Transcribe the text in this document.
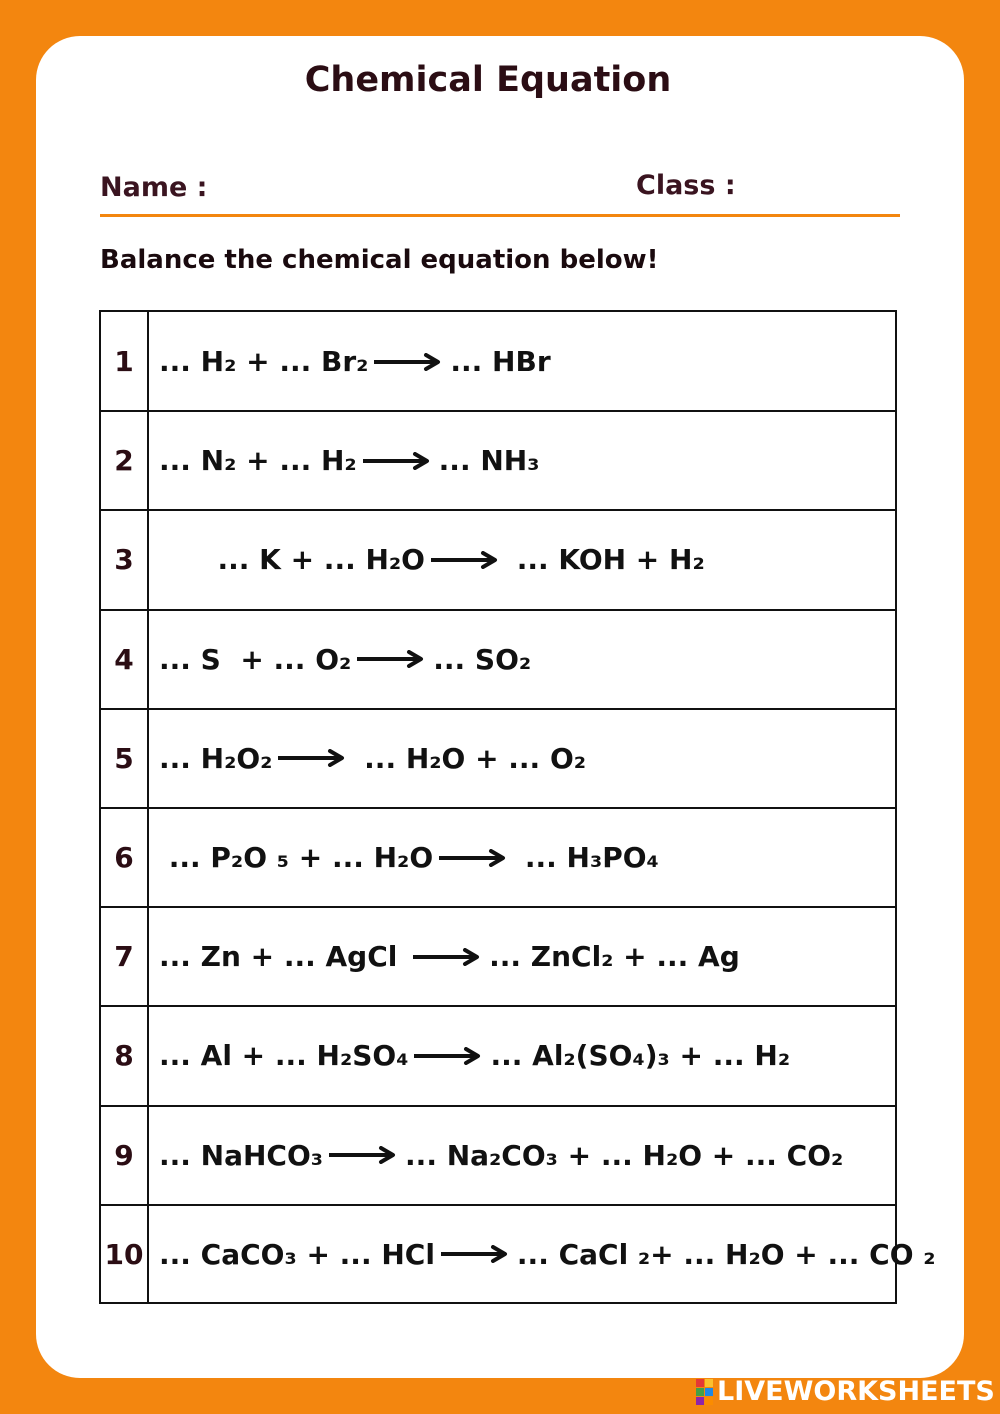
Chemical Equation
Name :	Class :
Balance the chemical equation below!
1 ... H₂ + ... Br₂ → ... HBr
2 ... N₂ + ... H₂ → ... NH₃
3 ... K + ... H₂O → ... KOH + H₂
4 ... S  + ... O₂ → ... SO₂
5 ... H₂O₂ → ... H₂O + ... O₂
6 ... P₂O ₅ + ... H₂O → ... H₃PO₄
7 ... Zn + ... AgCl → ... ZnCl₂ + ... Ag
8 ... Al + ... H₂SO₄ → ... Al₂(SO₄)₃ + ... H₂
9 ... NaHCO₃ → ... Na₂CO₃ + ... H₂O + ... CO₂
10 ... CaCO₃ + ... HCl → ... CaCl ₂+ ... H₂O + ... CO ₂
LIVEWORKSHEETS
